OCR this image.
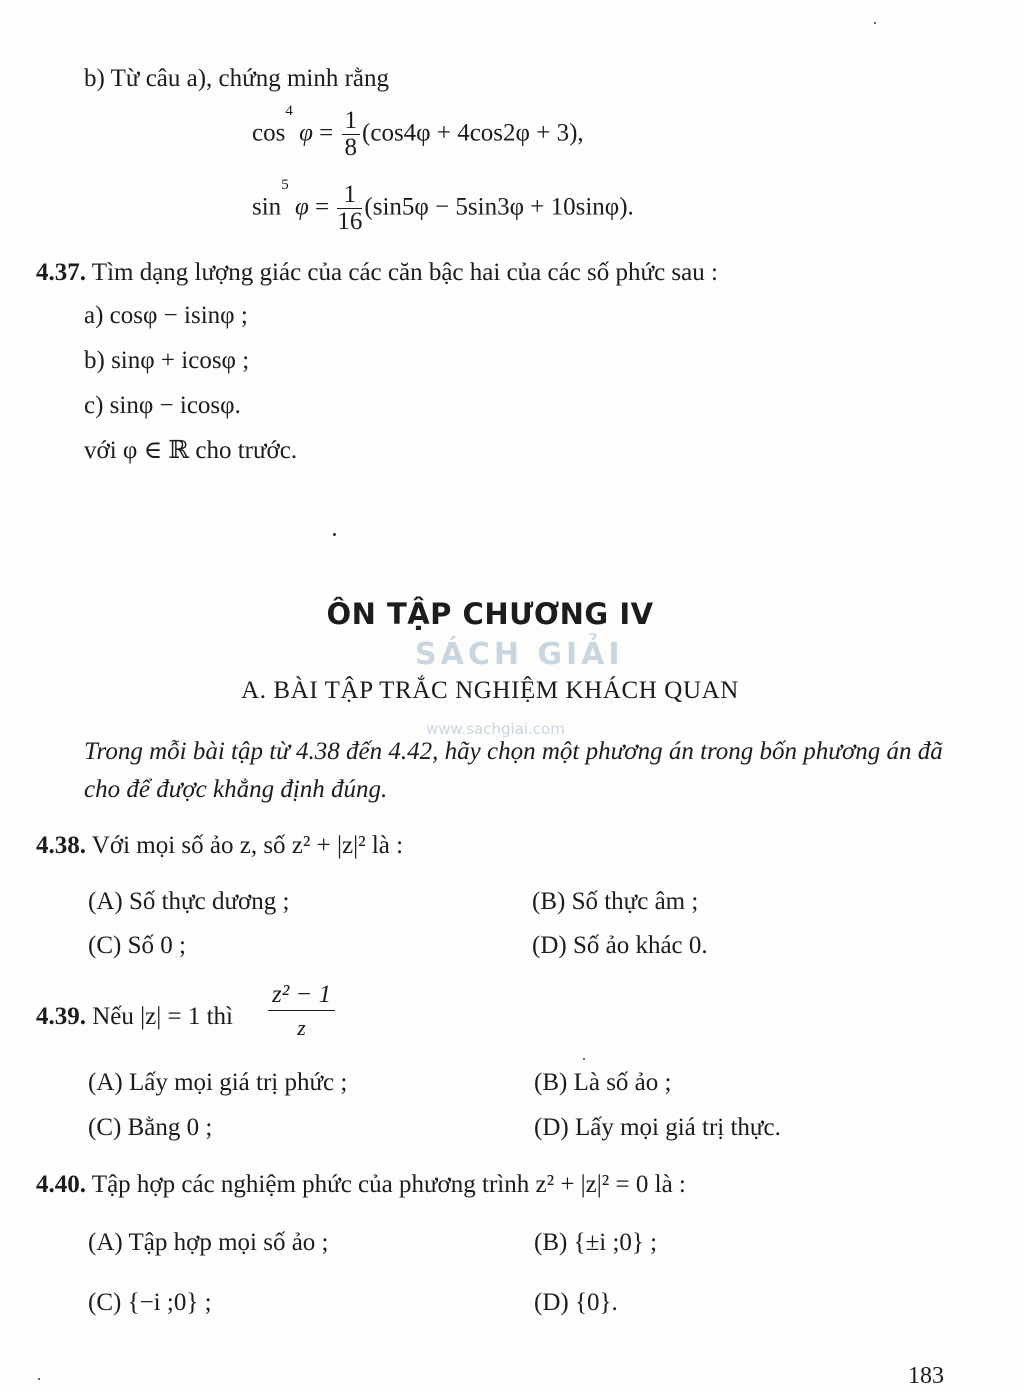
b) Từ câu a), chứng minh rằng
$\cos^4 \varphi = \frac{1}{8} (\cos 4\varphi + 4\cos 2\varphi + 3)$,
$\sin^5 \varphi = \frac{1}{16} (\sin 5\varphi - 5\sin 3\varphi + 10\sin\varphi)$.
4.37. Tìm dạng lượng giác của các căn bậc hai của các số phức sau :
a) cosφ − isinφ ;
b) sinφ + icosφ ;
c) sinφ − icosφ.
với φ ∈ ℝ cho trước.
ÔN TẬP CHƯƠNG IV
SÁCH GIẢI
www.sachgiai.com
A. BÀI TẬP TRẮC NGHIỆM KHÁCH QUAN
Trong mỗi bài tập từ 4.38 đến 4.42, hãy chọn một phương án trong bốn phương án đã cho để được khẳng định đúng.
4.38. Với mọi số ảo z, số z² + |z|² là :
(A) Số thực dương ;	(B) Số thực âm ;
(C) Số 0 ;	(D) Số ảo khác 0.
4.39. Nếu |z| = 1 thì $\frac{\text{z² − 1}}{z}$
(A) Lấy mọi giá trị phức ;	(B) Là số ảo ;
(C) Bằng 0 ;	(D) Lấy mọi giá trị thực.
4.40. Tập hợp các nghiệm phức của phương trình z² + |z|² = 0 là :
(A) Tập hợp mọi số ảo ;	(B) {±i ;0} ;
(C) {−i ;0} ;	(D) {0}.
183
